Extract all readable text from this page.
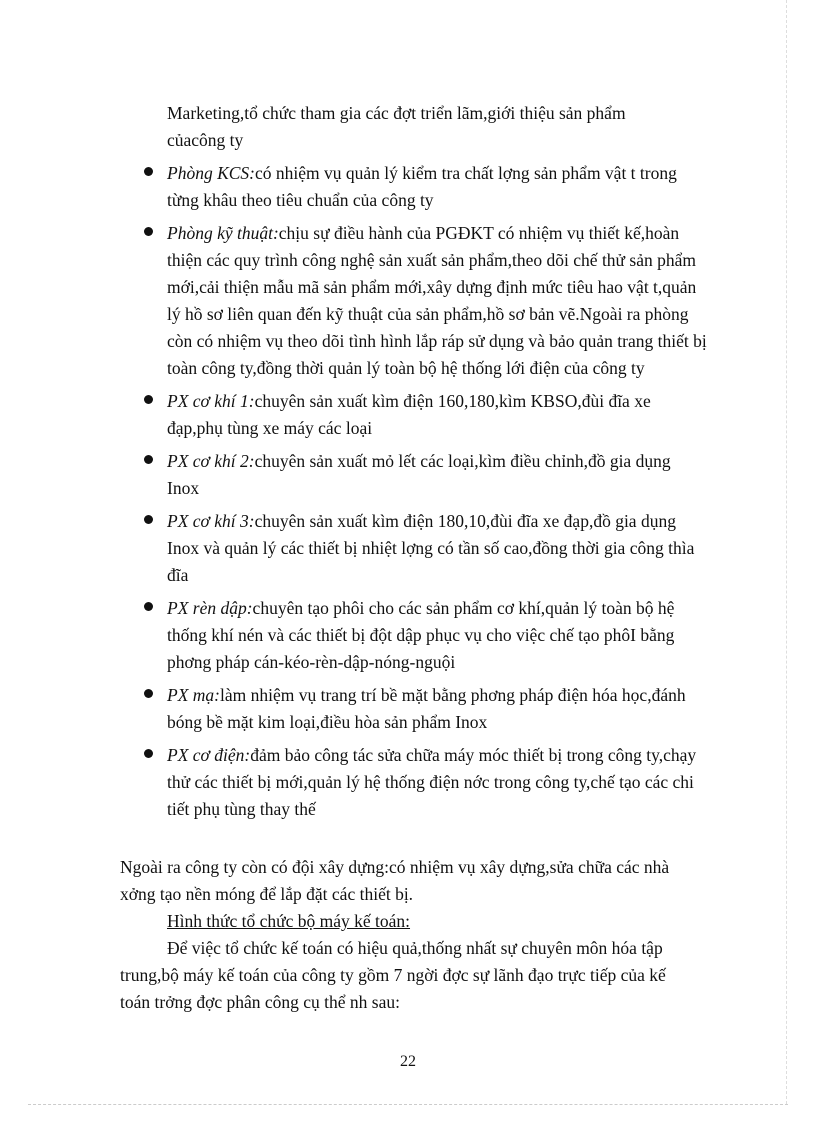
Marketing,tổ chức tham gia các đợt triển lãm,giới thiệu sản phẩm
củacông ty
Phòng KCS:có nhiệm vụ quản lý kiểm tra chất lợng sản phẩm vật t trong từng khâu theo tiêu chuẩn của công ty
Phòng kỹ thuật:chịu sự điều hành của PGĐKT có nhiệm vụ thiết kế,hoàn thiện các quy trình công nghệ sản xuất sản phẩm,theo dõi chế thử sản phẩm mới,cải thiện mẫu mã sản phẩm mới,xây dựng định mức tiêu hao vật t,quản lý hồ sơ liên quan đến kỹ thuật của sản phẩm,hồ sơ bản vẽ.Ngoài ra phòng còn có nhiệm vụ theo dõi tình hình lắp ráp sử dụng và bảo quản trang thiết bị toàn công ty,đồng thời quản lý toàn bộ hệ thống lới điện của công ty
PX cơ khí 1:chuyên sản xuất kìm điện 160,180,kìm KBSO,đùi đĩa xe đạp,phụ tùng xe máy các loại
PX cơ khí 2:chuyên sản xuất mỏ lết các loại,kìm điều chỉnh,đồ gia dụng Inox
PX cơ khí 3:chuyên sản xuất kìm điện 180,10,đùi đĩa xe đạp,đồ gia dụng Inox và quản lý các thiết bị nhiệt lợng có tần số cao,đồng thời gia công thìa đĩa
PX rèn dập:chuyên tạo phôi cho các sản phẩm cơ khí,quản lý toàn bộ hệ thống khí nén và các thiết bị đột dập phục vụ cho việc chế tạo phôI bằng phơng pháp cán-kéo-rèn-dập-nóng-nguội
PX mạ:làm nhiệm vụ trang trí bề mặt bằng phơng pháp điện hóa học,đánh bóng bề mặt kim loại,điều hòa sản phẩm Inox
PX cơ điện:đảm bảo công tác sửa chữa máy móc thiết bị trong công ty,chạy thử các thiết bị mới,quản lý hệ thống điện nớc trong công ty,chế tạo các chi tiết phụ tùng thay thế

Ngoài ra công ty còn có đội xây dựng:có nhiệm vụ xây dựng,sửa chữa các nhà xởng tạo nền móng để lắp đặt các thiết bị.

Hình thức tổ chức bộ máy kế toán:

Để việc tổ chức kế toán có hiệu quả,thống nhất sự chuyên môn hóa tập trung,bộ máy kế toán của công ty gồm 7 ngời đợc sự lãnh đạo trực tiếp của kế toán trởng đợc phân công cụ thể nh sau:

22
